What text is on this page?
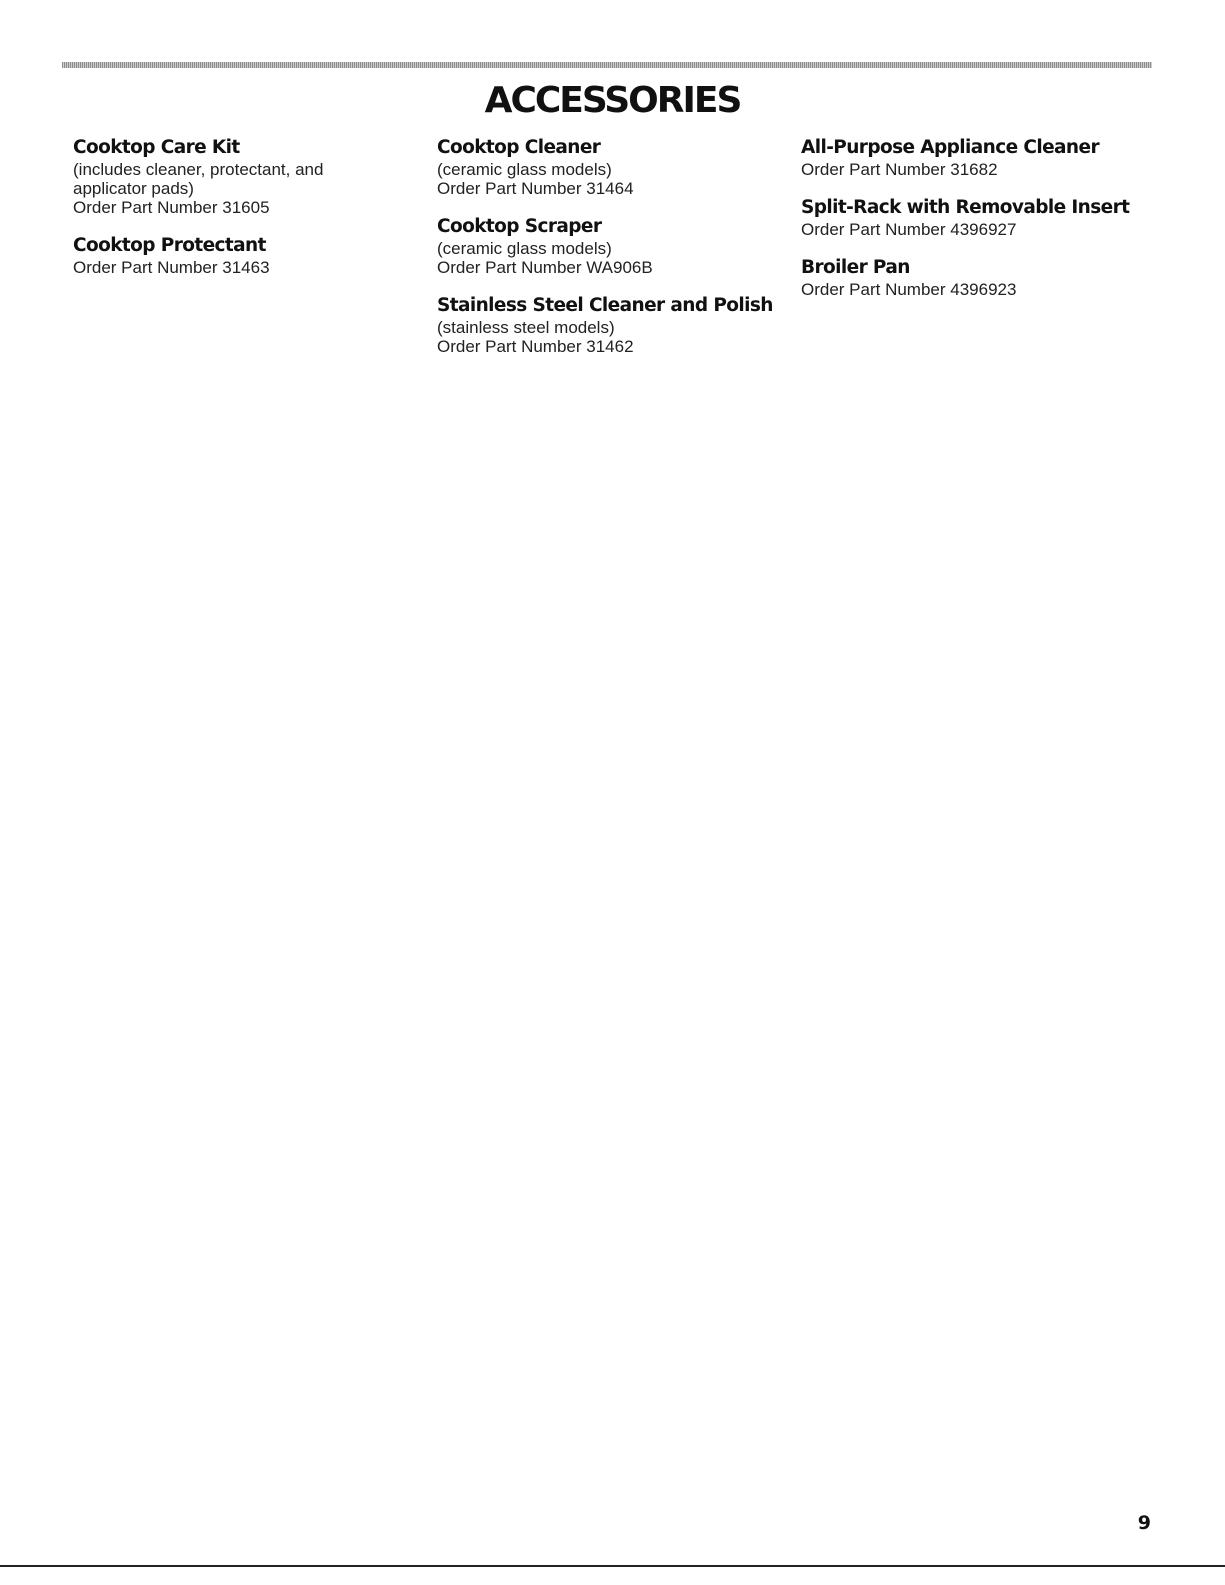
ACCESSORIES
Cooktop Care Kit
(includes cleaner, protectant, and
applicator pads)
Order Part Number 31605
Cooktop Protectant
Order Part Number 31463
Cooktop Cleaner
(ceramic glass models)
Order Part Number 31464
Cooktop Scraper
(ceramic glass models)
Order Part Number WA906B
Stainless Steel Cleaner and Polish
(stainless steel models)
Order Part Number 31462
All-Purpose Appliance Cleaner
Order Part Number 31682
Split-Rack with Removable Insert
Order Part Number 4396927
Broiler Pan
Order Part Number 4396923
9
